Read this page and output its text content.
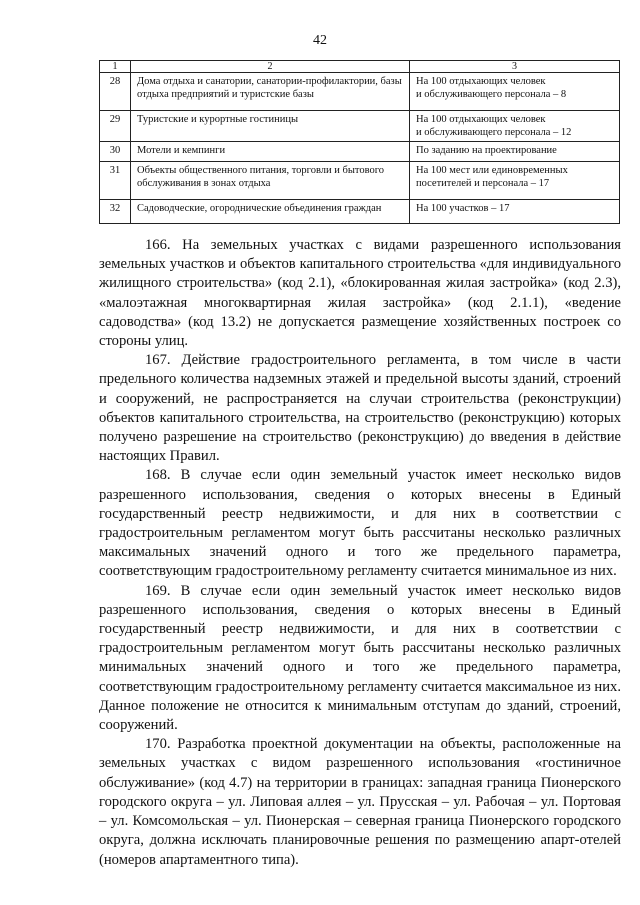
42
1	2	3
28	Дома отдыха и санатории, санатории-профилактории, базы отдыха предприятий и туристские базы	На 100 отдыхающих человек
и обслуживающего персонала – 8

29	Туристские и курортные гостиницы	На 100 отдыхающих человек
и обслуживающего персонала – 12

30	Мотели и кемпинги	По заданию на проектирование

31	Объекты общественного питания, торговли и бытового обслуживания в зонах отдыха	На 100 мест или единовременных
посетителей и персонала – 17

32	Садоводческие, огороднические объединения граждан	На 100 участков – 17

166. На земельных участках с видами разрешенного использования земельных участков и объектов капитального строительства «для индивидуального жилищного строительства» (код 2.1), «блокированная жилая застройка» (код 2.3), «малоэтажная многоквартирная жилая застройка» (код 2.1.1), «ведение садоводства» (код 13.2) не допускается размещение хозяйственных построек со стороны улиц.

167. Действие градостроительного регламента, в том числе в части предельного количества надземных этажей и предельной высоты зданий, строений и сооружений, не распространяется на случаи строительства (реконструкции) объектов капитального строительства, на строительство (реконструкцию) которых получено разрешение на строительство (реконструкцию) до введения в действие настоящих Правил.

168. В случае если один земельный участок имеет несколько видов разрешенного использования, сведения о которых внесены в Единый государственный реестр недвижимости, и для них в соответствии с градостроительным регламентом могут быть рассчитаны несколько различных максимальных значений одного и того же предельного параметра, соответствующим градостроительному регламенту считается минимальное из них.

169. В случае если один земельный участок имеет несколько видов разрешенного использования, сведения о которых внесены в Единый государственный реестр недвижимости, и для них в соответствии с градостроительным регламентом могут быть рассчитаны несколько различных минимальных значений одного и того же предельного параметра, соответствующим градостроительному регламенту считается максимальное из них. Данное положение не относится к минимальным отступам до зданий, строений, сооружений.

170. Разработка проектной документации на объекты, расположенные на земельных участках с видом разрешенного использования «гостиничное обслуживание» (код 4.7) на территории в границах: западная граница Пионерского городского округа – ул. Липовая аллея – ул. Прусская – ул. Рабочая – ул. Портовая – ул. Комсомольская – ул. Пионерская – северная граница Пионерского городского округа, должна исключать планировочные решения по размещению апарт-отелей (номеров апартаментного типа).
